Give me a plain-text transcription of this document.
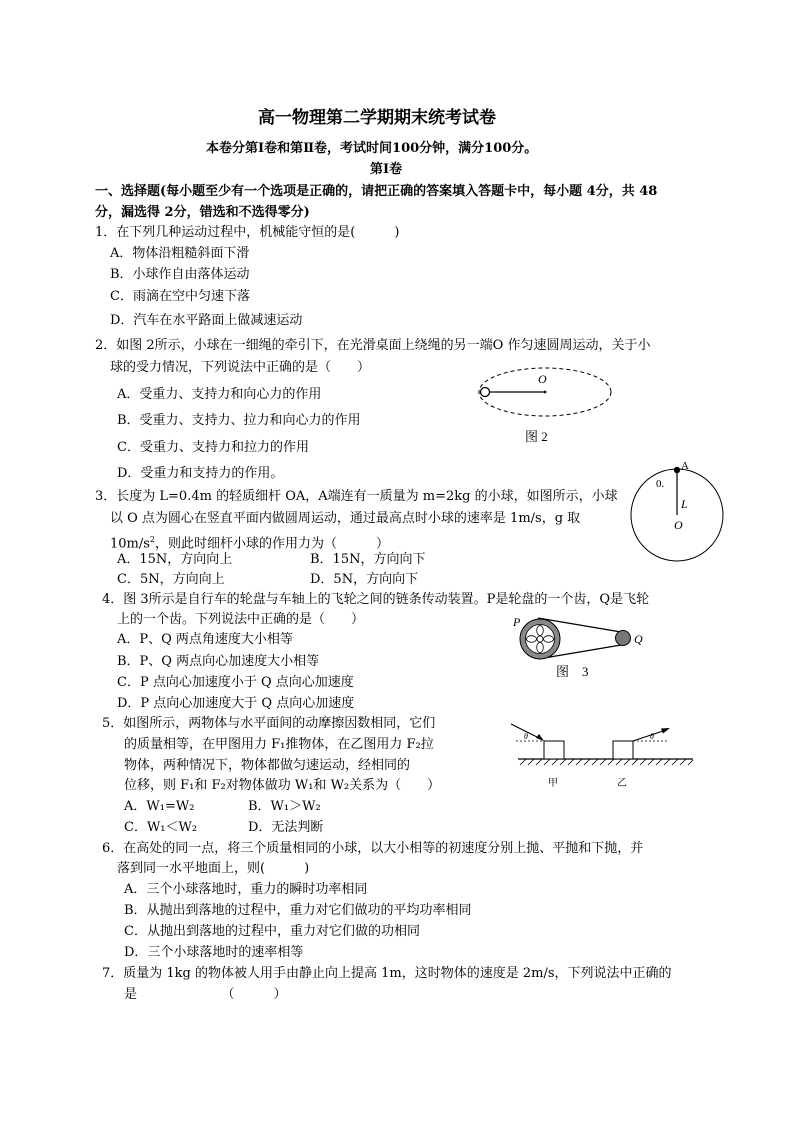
高一物理第二学期期末统考试卷
本卷分第Ⅰ卷和第Ⅱ卷，考试时间100分钟，满分100分。
第Ⅰ卷
一、选择题(每小题至少有一个选项是正确的，请把正确的答案填入答题卡中，每小题 4分，共 48
分，漏选得 2分，错选和不选得零分)
1．在下列几种运动过程中，机械能守恒的是(　　　)
A．物体沿粗糙斜面下滑
B．小球作自由落体运动
C．雨滴在空中匀速下落
D．汽车在水平路面上做减速运动
2．如图 2所示，小球在一细绳的牵引下，在光滑桌面上绕绳的另一端O 作匀速圆周运动，关于小
球的受力情况，下列说法中正确的是（　　）
A．受重力、支持力和向心力的作用
B．受重力、支持力、拉力和向心力的作用
C．受重力、支持力和拉力的作用
D．受重力和支持力的作用。
3．长度为 L=0.4m 的轻质细杆 OA，A端连有一质量为 m=2kg 的小球，如图所示，小球
以 O 点为圆心在竖直平面内做圆周运动，通过最高点时小球的速率是 1m/s，g 取
$10m/s^2$，则此时细杆小球的作用力为（　　　）
A．15N，方向向上	B．15N，方向向下
C．5N，方向向上	D．5N，方向向下
4．图 3所示是自行车的轮盘与车轴上的飞轮之间的链条传动装置。P是轮盘的一个齿，Q是飞轮
上的一个齿。下列说法中正确的是（　　）
A．P、Q 两点角速度大小相等
B．P、Q 两点向心加速度大小相等
C．P 点向心加速度小于 Q 点向心加速度
D．P 点向心加速度大于 Q 点向心加速度
5．如图所示，两物体与水平面间的动摩擦因数相同，它们
的质量相等，在甲图用力 F₁推物体，在乙图用力 F₂拉
物体，两种情况下，物体都做匀速运动，经相同的
位移，则 F₁和 F₂对物体做功 W₁和 W₂关系为（　　）
A．W₁=W₂	B．W₁＞W₂
C．W₁＜W₂	D．无法判断
6．在高处的同一点，将三个质量相同的小球，以大小相等的初速度分别上抛、平抛和下抛，并
落到同一水平地面上，则(　　　)
A．三个小球落地时，重力的瞬时功率相同
B．从抛出到落地的过程中，重力对它们做功的平均功率相同
C．从抛出到落地的过程中，重力对它们做的功相同
D．三个小球落地时的速率相等
7．质量为 1kg 的物体被人用手由静止向上提高 1m，这时物体的速度是 2m/s，下列说法中正确的
是　　　　　　　（　　　）
O
图 2
A
0.
L
O
P
Q
图　3
θ	θ
甲	乙
